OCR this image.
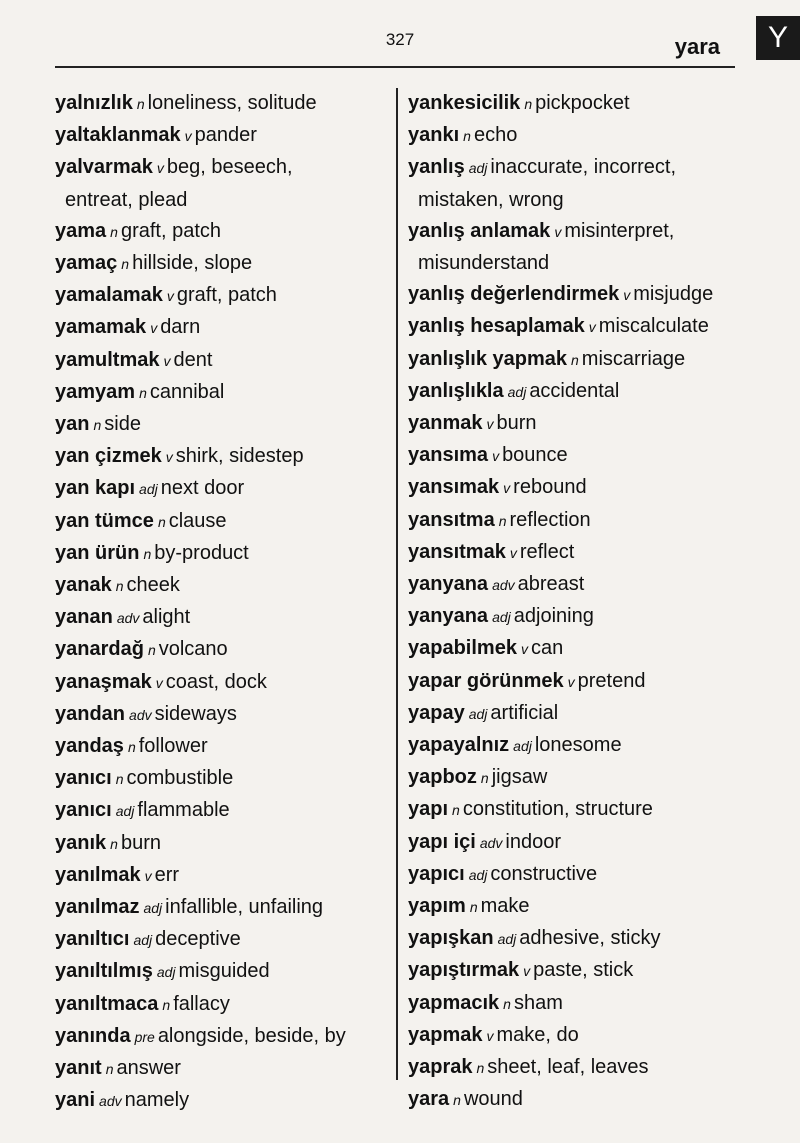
327	yara	Y
yalnızlık n loneliness, solitude
yaltaklanmak v pander
yalvarmak v beg, beseech,
entreat, plead
yama n graft, patch
yamaç n hillside, slope
yamalamak v graft, patch
yamamak v darn
yamultmak v dent
yamyam n cannibal
yan n side
yan çizmek v shirk, sidestep
yan kapı adj next door
yan tümce n clause
yan ürün n by-product
yanak n cheek
yanan adv alight
yanardağ n volcano
yanaşmak v coast, dock
yandan adv sideways
yandaş n follower
yanıcı n combustible
yanıcı adj flammable
yanık n burn
yanılmak v err
yanılmaz adj infallible, unfailing
yanıltıcı adj deceptive
yanıltılmış adj misguided
yanıltmaca n fallacy
yanında pre alongside, beside, by
yanıt n answer
yani adv namely
yankesicilik n pickpocket
yankı n echo
yanlış adj inaccurate, incorrect,
mistaken, wrong
yanlış anlamak v misinterpret,
misunderstand
yanlış değerlendirmek v misjudge
yanlış hesaplamak v miscalculate
yanlışlık yapmak n miscarriage
yanlışlıkla adj accidental
yanmak v burn
yansıma v bounce
yansımak v rebound
yansıtma n reflection
yansıtmak v reflect
yanyana adv abreast
yanyana adj adjoining
yapabilmek v can
yapar görünmek v pretend
yapay adj artificial
yapayalnız adj lonesome
yapboz n jigsaw
yapı n constitution, structure
yapı içi adv indoor
yapıcı adj constructive
yapım n make
yapışkan adj adhesive, sticky
yapıştırmak v paste, stick
yapmacık n sham
yapmak v make, do
yaprak n sheet, leaf, leaves
yara n wound
